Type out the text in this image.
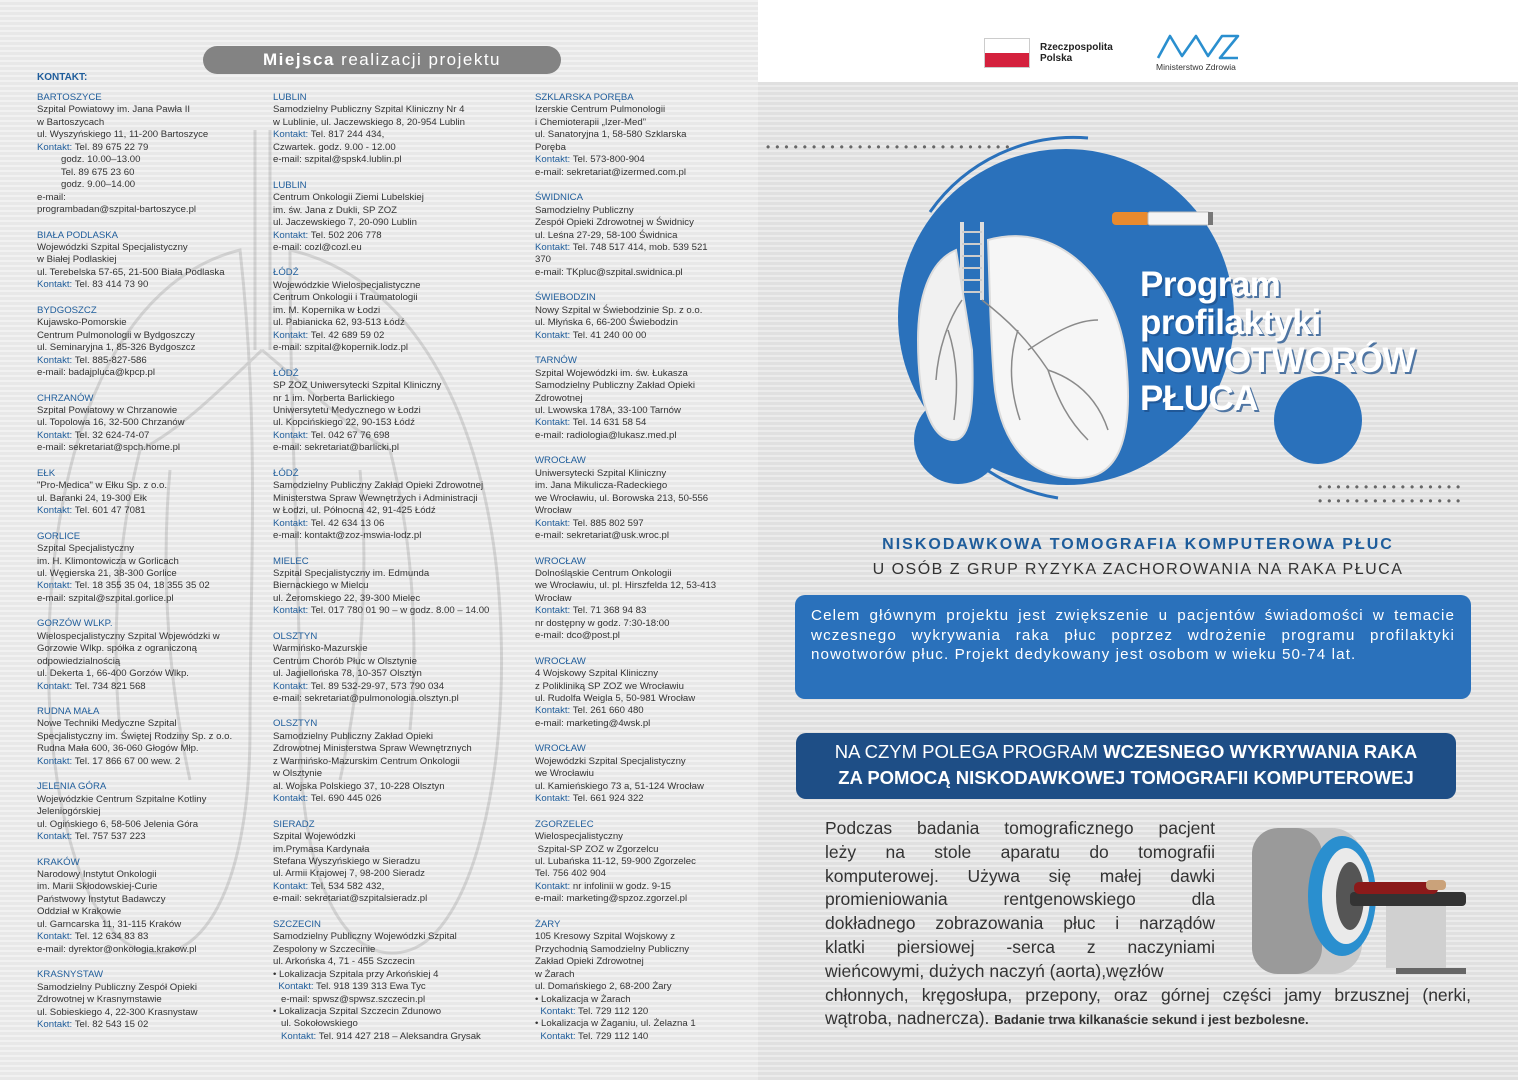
Miejsca realizacji projektu
KONTAKT:
BARTOSZYCE
Szpital Powiatowy im. Jana Pawła II
w Bartoszycach
ul. Wyszyńskiego 11, 11-200 Bartoszyce
Kontakt: Tel. 89 675 22 79
godz. 10.00–13.00
Tel. 89 675 23 60
godz. 9.00–14.00
e-mail:
programbadan@szpital-bartoszyce.pl
BIAŁA PODLASKA
Wojewódzki Szpital Specjalistyczny
w Białej Podlaskiej
ul. Terebelska 57-65, 21-500 Biała Podlaska
Kontakt: Tel. 83 414 73 90
BYDGOSZCZ
Kujawsko-Pomorskie
Centrum Pulmonologii w Bydgoszczy
ul. Seminaryjna 1, 85-326 Bydgoszcz
Kontakt: Tel. 885-827-586
e-mail: badajpluca@kpcp.pl
CHRZANÓW
Szpital Powiatowy w Chrzanowie
ul. Topolowa 16, 32-500 Chrzanów
Kontakt: Tel. 32 624-74-07
e-mail: sekretariat@spch.home.pl
EŁK
"Pro-Medica" w Ełku Sp. z o.o.
ul. Baranki 24, 19-300 Ełk
Kontakt: Tel. 601 47 7081
GORLICE
Szpital Specjalistyczny
im. H. Klimontowicza w Gorlicach
ul. Węgierska 21, 38-300 Gorlice
Kontakt: Tel. 18 355 35 04, 18 355 35 02
e-mail: szpital@szpital.gorlice.pl
GORZÓW WLKP.
Wielospecjalistyczny Szpital Wojewódzki w
Gorzowie Wlkp. spółka z ograniczoną
odpowiedzialnością
ul. Dekerta 1, 66-400 Gorzów Wlkp.
Kontakt: Tel. 734 821 568
RUDNA MAŁA
Nowe Techniki Medyczne Szpital
Specjalistyczny im. Świętej Rodziny Sp. z o.o.
Rudna Mała 600, 36-060 Głogów Młp.
Kontakt: Tel. 17 866 67 00 wew. 2
JELENIA GÓRA
Wojewódzkie Centrum Szpitalne Kotliny
Jeleniogórskiej
ul. Ogińskiego 6, 58-506 Jelenia Góra
Kontakt: Tel. 757 537 223
KRAKÓW
Narodowy Instytut Onkologii
im. Marii Skłodowskiej-Curie
Państwowy Instytut Badawczy
Oddział w Krakowie
ul. Garncarska 11, 31-115 Kraków
Kontakt: Tel. 12 634 83 83
e-mail: dyrektor@onkologia.krakow.pl
KRASNYSTAW
Samodzielny Publiczny Zespół Opieki
Zdrowotnej w Krasnymstawie
ul. Sobieskiego 4, 22-300 Krasnystaw
Kontakt: Tel. 82 543 15 02
LUBLIN
Samodzielny Publiczny Szpital Kliniczny Nr 4
w Lublinie, ul. Jaczewskiego 8, 20-954 Lublin
Kontakt: Tel. 817 244 434,
Czwartek. godz. 9.00 - 12.00
e-mail: szpital@spsk4.lublin.pl
LUBLIN
Centrum Onkologii Ziemi Lubelskiej
im. św. Jana z Dukli, SP ZOZ
ul. Jaczewskiego 7, 20-090 Lublin
Kontakt: Tel. 502 206 778
e-mail: cozl@cozl.eu
ŁÓDŹ
Wojewódzkie Wielospecjalistyczne
Centrum Onkologii i Traumatologii
im. M. Kopernika w Łodzi
ul. Pabianicka 62, 93-513 Łódź
Kontakt: Tel. 42 689 59 02
e-mail: szpital@kopernik.lodz.pl
ŁÓDŹ
SP ZOZ Uniwersytecki Szpital Kliniczny
nr 1 im. Norberta Barlickiego
Uniwersytetu Medycznego w Łodzi
ul. Kopcińskiego 22, 90-153 Łódź
Kontakt: Tel. 042 67 76 698
e-mail: sekretariat@barlicki.pl
ŁÓDŹ
Samodzielny Publiczny Zakład Opieki Zdrowotnej
Ministerstwa Spraw Wewnętrzych i Administracji
w Łodzi, ul. Północna 42, 91-425 Łódź
Kontakt: Tel. 42 634 13 06
e-mail: kontakt@zoz-mswia-lodz.pl
MIELEC
Szpital Specjalistyczny im. Edmunda
Biernackiego w Mielcu
ul. Żeromskiego 22, 39-300 Mielec
Kontakt: Tel. 017 780 01 90 – w godz. 8.00 – 14.00
OLSZTYN
Warmińsko-Mazurskie
Centrum Chorób Płuc w Olsztynie
ul. Jagiellońska 78, 10-357 Olsztyn
Kontakt: Tel. 89 532-29-97, 573 790 034
e-mail: sekretariat@pulmonologia.olsztyn.pl
OLSZTYN
Samodzielny Publiczny Zakład Opieki
Zdrowotnej Ministerstwa Spraw Wewnętrznych
z Warmińsko-Mazurskim Centrum Onkologii
w Olsztynie
al. Wojska Polskiego 37, 10-228 Olsztyn
Kontakt: Tel. 690 445 026
SIERADZ
Szpital Wojewódzki
im.Prymasa Kardynała
Stefana Wyszyńskiego w Sieradzu
ul. Armii Krajowej 7, 98-200 Sieradz
Kontakt: Tel. 534 582 432,
e-mail: sekretariat@szpitalsieradz.pl
SZCZECIN
Samodzielny Publiczny Wojewódzki Szpital
Zespolony w Szczecinie
ul. Arkońska 4, 71 - 455 Szczecin
• Lokalizacja Szpitala przy Arkońskiej 4
Kontakt: Tel. 918 139 313 Ewa Tyc
e-mail: spwsz@spwsz.szczecin.pl
• Lokalizacja Szpital Szczecin Zdunowo
ul. Sokołowskiego
Kontakt: Tel. 914 427 218 – Aleksandra Grysak
SZKLARSKA PORĘBA
Izerskie Centrum Pulmonologii
i Chemioterapii „Izer-Med”
ul. Sanatoryjna 1, 58-580 Szklarska
Poręba
Kontakt: Tel. 573-800-904
e-mail: sekretariat@izermed.com.pl
ŚWIDNICA
Samodzielny Publiczny
Zespół Opieki Zdrowotnej w Świdnicy
ul. Leśna 27-29, 58-100 Świdnica
Kontakt: Tel. 748 517 414, mob. 539 521
370
e-mail: TKpluc@szpital.swidnica.pl
ŚWIEBODZIN
Nowy Szpital w Świebodzinie Sp. z o.o.
ul. Młyńska 6, 66-200 Świebodzin
Kontakt: Tel. 41 240 00 00
TARNÓW
Szpital Wojewódzki im. św. Łukasza
Samodzielny Publiczny Zakład Opieki
Zdrowotnej
ul. Lwowska 178A, 33-100 Tarnów
Kontakt: Tel. 14 631 58 54
e-mail: radiologia@lukasz.med.pl
WROCŁAW
Uniwersytecki Szpital Kliniczny
im. Jana Mikulicza-Radeckiego
we Wrocławiu, ul. Borowska 213, 50-556
Wrocław
Kontakt: Tel. 885 802 597
e-mail: sekretariat@usk.wroc.pl
WROCŁAW
Dolnośląskie Centrum Onkologii
we Wrocławiu, ul. pl. Hirszfelda 12, 53-413
Wrocław
Kontakt: Tel. 71 368 94 83
nr dostępny w godz. 7:30-18:00
e-mail: dco@post.pl
WROCŁAW
4 Wojskowy Szpital Kliniczny
z Polikliniką SP ZOZ we Wrocławiu
ul. Rudolfa Weigla 5, 50-981 Wrocław
Kontakt: Tel. 261 660 480
e-mail: marketing@4wsk.pl
WROCŁAW
Wojewódzki Szpital Specjalistyczny
we Wrocławiu
ul. Kamieńskiego 73 a, 51-124 Wrocław
Kontakt: Tel. 661 924 322
ZGORZELEC
Wielospecjalistyczny
Szpital-SP ZOZ w Zgorzelcu
ul. Lubańska 11-12, 59-900 Zgorzelec
Tel. 756 402 904
Kontakt: nr infolinii w godz. 9-15
e-mail: marketing@spzoz.zgorzel.pl
ŻARY
105 Kresowy Szpital Wojskowy z
Przychodnią Samodzielny Publiczny
Zakład Opieki Zdrowotnej
w Żarach
ul. Domańskiego 2, 68-200 Żary
• Lokalizacja w Żarach
Kontakt: Tel. 729 112 120
• Lokalizacja w Żaganiu, ul. Żelazna 1
Kontakt: Tel. 729 112 140
Rzeczpospolita
Polska
Ministerstwo Zdrowia
•••••••••••••••••••••••••••
••••••••••••••••
••••••••••••••••
Program
profilaktyki
NOWOTWORÓW
PŁUCA
NISKODAWKOWA TOMOGRAFIA KOMPUTEROWA PŁUC
U OSÓB Z GRUP RYZYKA ZACHOROWANIA NA RAKA PŁUCA
Celem głównym projektu jest zwiększenie u pacjentów świadomości w temacie wczesnego wykrywania raka płuc poprzez wdrożenie programu profilaktyki nowotworów płuc. Projekt dedykowany jest osobom w wieku 50-74 lat.
NA CZYM POLEGA PROGRAM WCZESNEGO WYKRYWANIA RAKA
ZA POMOCĄ NISKODAWKOWEJ TOMOGRAFII KOMPUTEROWEJ
Podczas badania tomograficznego pacjent
leży na stole aparatu do tomografii
komputerowej. Używa się małej dawki
promieniowania rentgenowskiego dla
dokładnego zobrazowania płuc i narządów
klatki piersiowej -serca z naczyniami
wieńcowymi, dużych naczyń (aorta),węzłów
chłonnych, kręgosłupa, przepony, oraz górnej części jamy brzusznej (nerki, wątroba, nadnercza). Badanie trwa kilkanaście sekund i jest bezbolesne.
